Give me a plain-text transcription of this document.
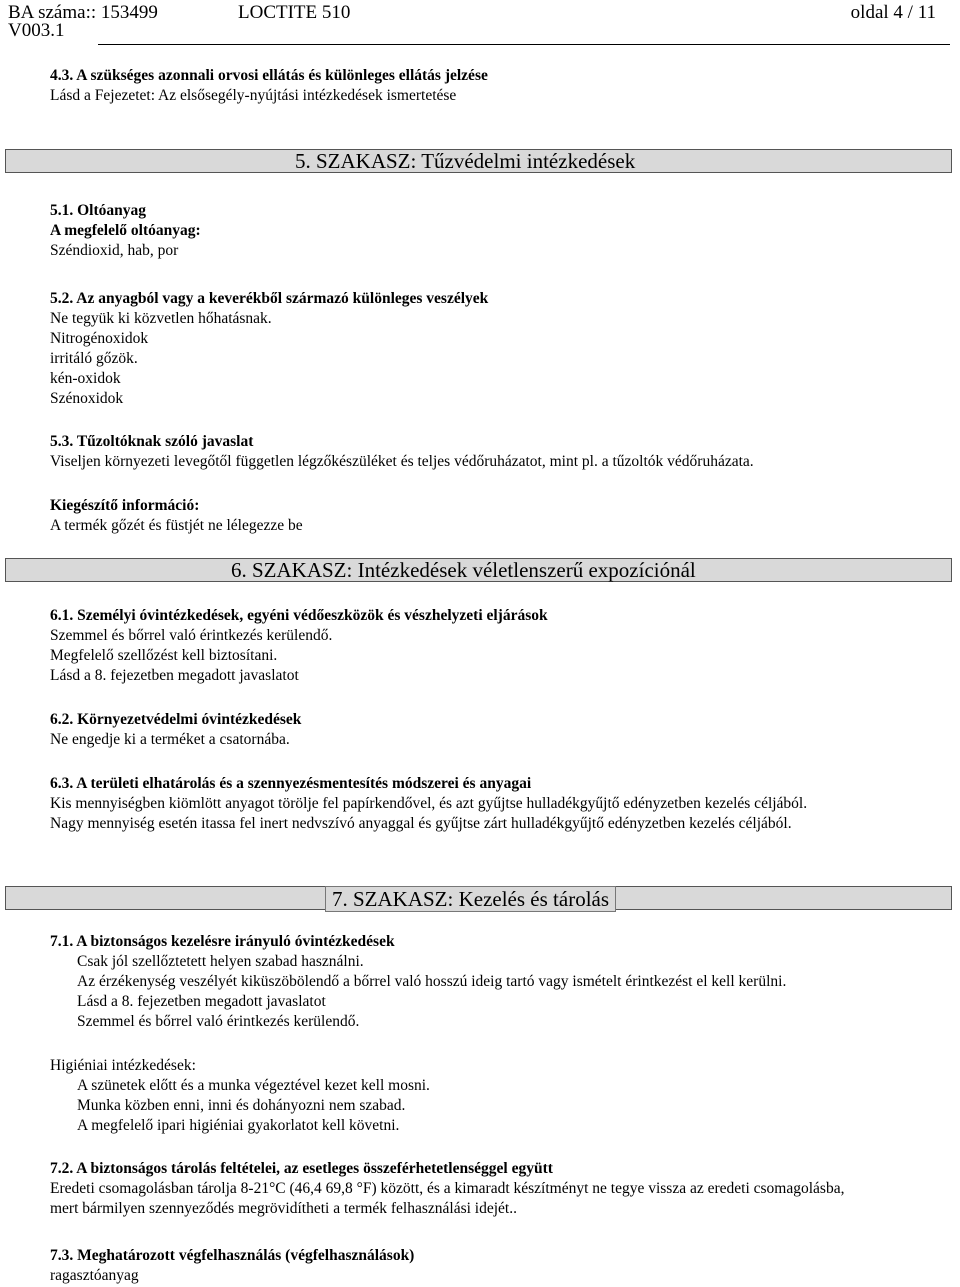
BA száma:: 153499	LOCTITE 510	oldal 4 / 11
V003.1
4.3. A szükséges azonnali orvosi ellátás és különleges ellátás jelzése
Lásd a Fejezetet: Az elsősegély-nyújtási intézkedések ismertetése
5. SZAKASZ: Tűzvédelmi intézkedések
5.1. Oltóanyag
A megfelelő oltóanyag:
Széndioxid, hab, por
5.2. Az anyagból vagy a keverékből származó különleges veszélyek
Ne tegyük ki közvetlen hőhatásnak.
Nitrogénoxidok
irritáló gőzök.
kén-oxidok
Szénoxidok
5.3. Tűzoltóknak szóló javaslat
Viseljen környezeti levegőtől független légzőkészüléket és teljes védőruházatot, mint pl. a tűzoltók védőruházata.
Kiegészítő információ:
A termék gőzét és füstjét ne lélegezze be
6. SZAKASZ: Intézkedések véletlenszerű expozíciónál
6.1. Személyi óvintézkedések, egyéni védőeszközök és vészhelyzeti eljárások
Szemmel és bőrrel való érintkezés kerülendő.
Megfelelő szellőzést kell biztosítani.
Lásd a 8. fejezetben megadott javaslatot
6.2. Környezetvédelmi óvintézkedések
Ne engedje ki a terméket a csatornába.
6.3. A területi elhatárolás és a szennyezésmentesítés módszerei és anyagai
Kis mennyiségben kiömlött anyagot törölje fel papírkendővel, és azt gyűjtse hulladékgyűjtő edényzetben kezelés céljából.
Nagy mennyiség esetén itassa fel inert nedvszívó anyaggal és gyűjtse zárt hulladékgyűjtő edényzetben kezelés céljából.
7. SZAKASZ: Kezelés és tárolás
7.1. A biztonságos kezelésre irányuló óvintézkedések
Csak jól szellőztetett helyen szabad használni.
Az érzékenység veszélyét kiküszöbölendő a bőrrel való hosszú ideig tartó vagy ismételt érintkezést el kell kerülni.
Lásd a 8. fejezetben megadott javaslatot
Szemmel és bőrrel való érintkezés kerülendő.
Higiéniai intézkedések:
A szünetek előtt és a munka végeztével kezet kell mosni.
Munka közben enni, inni és dohányozni nem szabad.
A megfelelő ipari higiéniai gyakorlatot kell követni.
7.2. A biztonságos tárolás feltételei, az esetleges összeférhetetlenséggel együtt
Eredeti csomagolásban tárolja 8-21°C (46,4 69,8 °F) között, és a kimaradt készítményt ne tegye vissza az eredeti csomagolásba,
mert bármilyen szennyeződés megrövidítheti a termék felhasználási idejét..
7.3. Meghatározott végfelhasználás (végfelhasználások)
ragasztóanyag
